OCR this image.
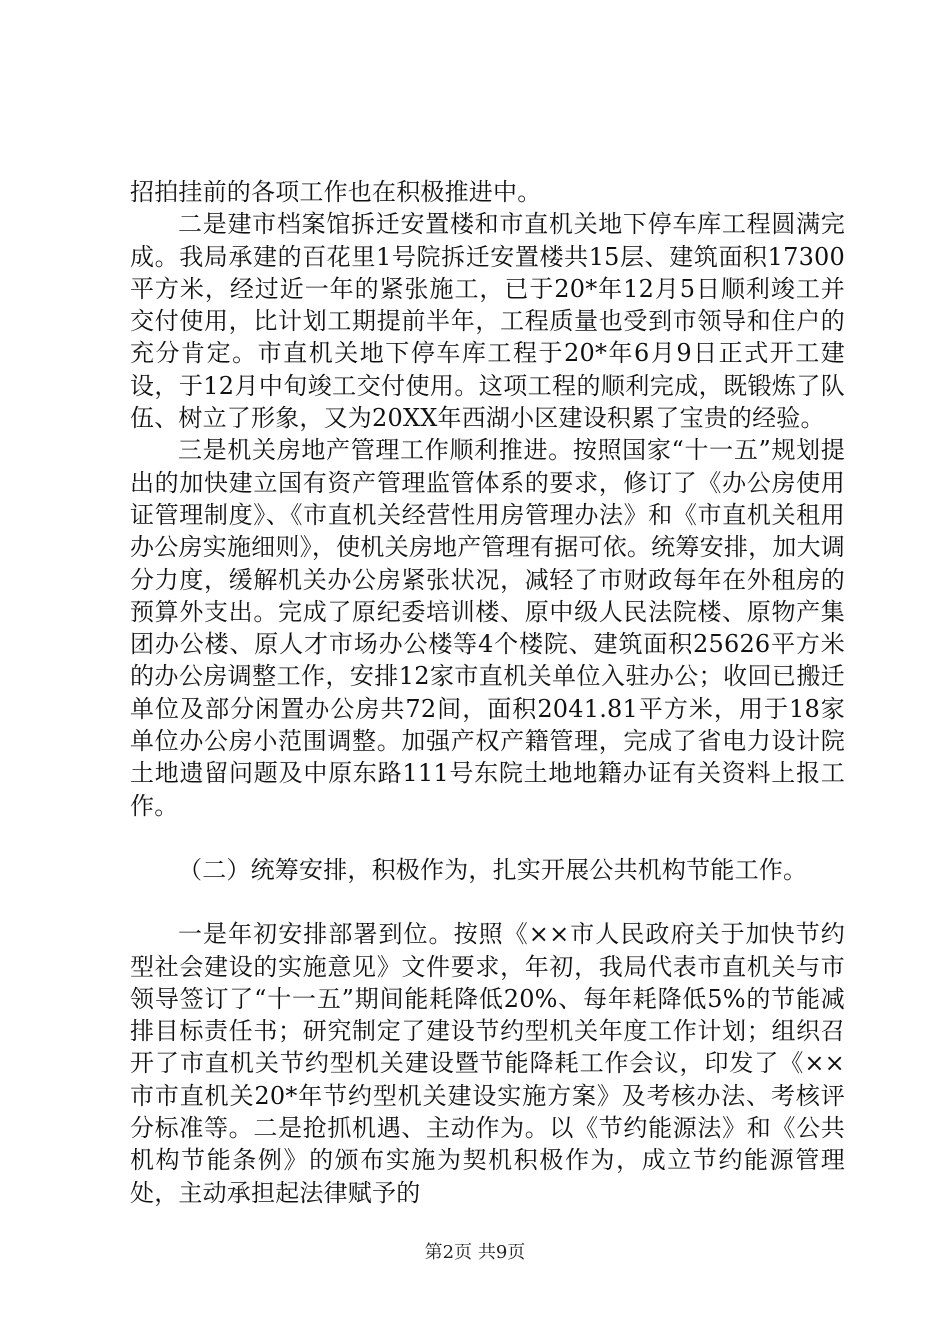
招拍挂前的各项工作也在积极推进中。

二是建市档案馆拆迁安置楼和市直机关地下停车库工程圆满完成。我局承建的百花里1号院拆迁安置楼共15层、建筑面积17300平方米，经过近一年的紧张施工，已于20*年12月5日顺利竣工并交付使用，比计划工期提前半年，工程质量也受到市领导和住户的充分肯定。市直机关地下停车库工程于20*年6月9日正式开工建设，于12月中旬竣工交付使用。这项工程的顺利完成，既锻炼了队伍、树立了形象，又为20XX年西湖小区建设积累了宝贵的经验。

三是机关房地产管理工作顺利推进。按照国家“十一五”规划提出的加快建立国有资产管理监管体系的要求，修订了《办公房使用证管理制度》、《市直机关经营性用房管理办法》和《市直机关租用办公房实施细则》，使机关房地产管理有据可依。统筹安排，加大调分力度，缓解机关办公房紧张状况，减轻了市财政每年在外租房的预算外支出。完成了原纪委培训楼、原中级人民法院楼、原物产集团办公楼、原人才市场办公楼等4个楼院、建筑面积25626平方米的办公房调整工作，安排12家市直机关单位入驻办公；收回已搬迁单位及部分闲置办公房共72间，面积2041.81平方米，用于18家单位办公房小范围调整。加强产权产籍管理，完成了省电力设计院土地遗留问题及中原东路111号东院土地地籍办证有关资料上报工作。

（二）统筹安排，积极作为，扎实开展公共机构节能工作。

一是年初安排部署到位。按照《××市人民政府关于加快节约型社会建设的实施意见》文件要求，年初，我局代表市直机关与市领导签订了“十一五”期间能耗降低20%、每年耗降低5%的节能减排目标责任书；研究制定了建设节约型机关年度工作计划；组织召开了市直机关节约型机关建设暨节能降耗工作会议，印发了《××市市直机关20*年节约型机关建设实施方案》及考核办法、考核评分标准等。二是抢抓机遇、主动作为。以《节约能源法》和《公共机构节能条例》的颁布实施为契机积极作为，成立节约能源管理处，主动承担起法律赋予的

第2页 共9页
